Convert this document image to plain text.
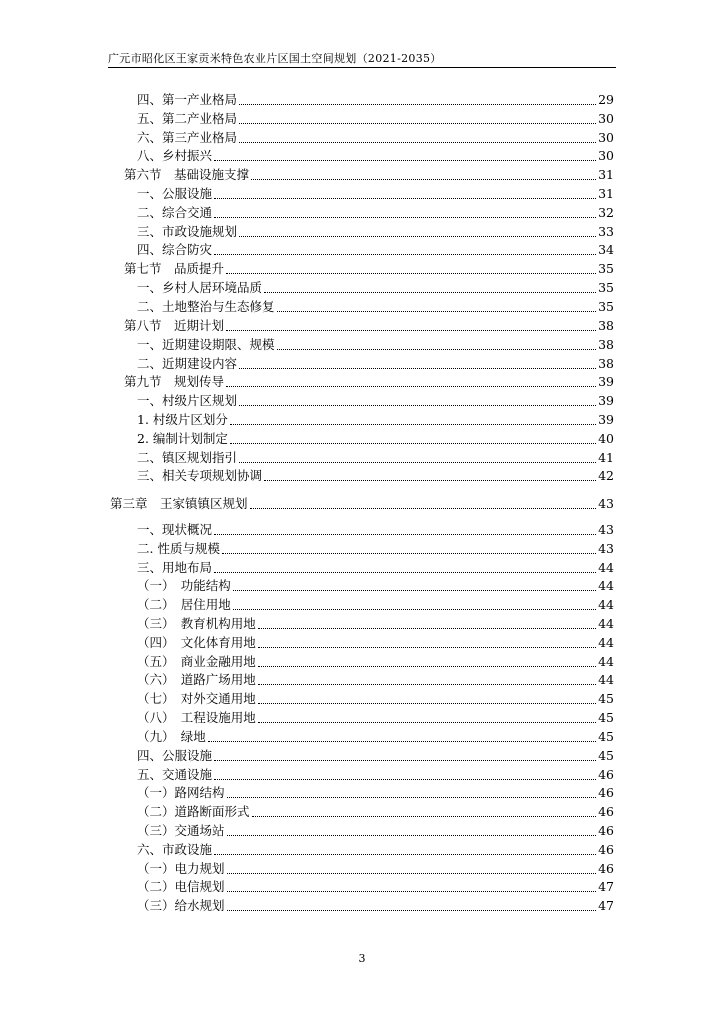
广元市昭化区王家贡米特色农业片区国土空间规划（2021-2035）
四、第一产业格局	29
五、第二产业格局	30
六、第三产业格局	30
八、乡村振兴	30
第六节　基础设施支撑	31
一、公服设施	31
二、综合交通	32
三、市政设施规划	33
四、综合防灾	34
第七节　品质提升	35
一、乡村人居环境品质	35
二、土地整治与生态修复	35
第八节　近期计划	38
一、近期建设期限、规模	38
二、近期建设内容	38
第九节　规划传导	39
一、村级片区规划	39
1. 村级片区划分	39
2. 编制计划制定	40
二、镇区规划指引	41
三、相关专项规划协调	42
第三章　王家镇镇区规划	43
一、现状概况	43
二. 性质与规模	43
三、用地布局	44
（一）　功能结构	44
（二）　居住用地	44
（三）　教育机构用地	44
（四）　文化体育用地	44
（五）　商业金融用地	44
（六）　道路广场用地	44
（七）　对外交通用地	45
（八）　工程设施用地	45
（九）　绿地	45
四、公服设施	45
五、交通设施	46
（一）路网结构	46
（二）道路断面形式	46
（三）交通场站	46
六、市政设施	46
（一）电力规划	46
（二）电信规划	47
（三）给水规划	47
3
